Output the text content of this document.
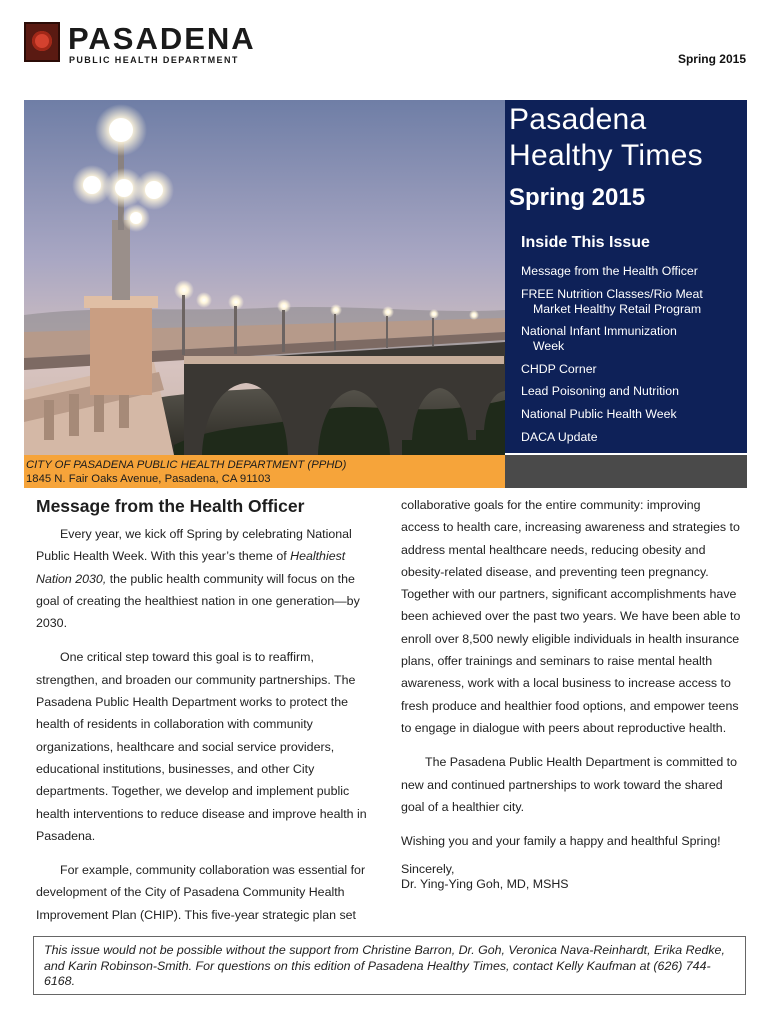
PASADENA
PUBLIC HEALTH DEPARTMENT	Spring 2015
Pasadena
Healthy Times
Spring 2015
Inside This Issue
Message from the Health Officer
FREE Nutrition Classes/Rio Meat
Market Healthy Retail Program
National Infant Immunization
Week
CHDP Corner
Lead Poisoning and Nutrition
National Public Health Week
DACA Update
CITY OF PASADENA PUBLIC HEALTH DEPARTMENT (PPHD)
1845 N. Fair Oaks Avenue, Pasadena, CA 91103
Message from the Health Officer

Every year, we kick off Spring by celebrating National Public Health Week. With this year’s theme of Healthiest Nation 2030, the public health community will focus on the goal of creating the healthiest nation in one generation—by 2030.

One critical step toward this goal is to reaffirm, strengthen, and broaden our community partnerships. The Pasadena Public Health Department works to protect the health of residents in collaboration with community organizations, healthcare and social service providers, educational institutions, businesses, and other City departments. Together, we develop and implement public health interventions to reduce disease and improve health in Pasadena.

For example, community collaboration was essential for development of the City of Pasadena Community Health Improvement Plan (CHIP). This five-year strategic plan set

collaborative goals for the entire community: improving access to health care, increasing awareness and strategies to address mental healthcare needs, reducing obesity and obesity-related disease, and preventing teen pregnancy. Together with our partners, significant accomplishments have been achieved over the past two years. We have been able to enroll over 8,500 newly eligible individuals in health insurance plans, offer trainings and seminars to raise mental health awareness, work with a local business to increase access to fresh produce and healthier food options, and empower teens to engage in dialogue with peers about reproductive health.

The Pasadena Public Health Department is committed to new and continued partnerships to work toward the shared goal of a healthier city.

Wishing you and your family a happy and healthful Spring!

Sincerely,

Dr. Ying-Ying Goh, MD, MSHS

This issue would not be possible without the support from Christine Barron, Dr. Goh, Veronica Nava-Reinhardt, Erika Redke, and Karin Robinson-Smith. For questions on this edition of Pasadena Healthy Times, contact Kelly Kaufman at (626) 744-6168.
